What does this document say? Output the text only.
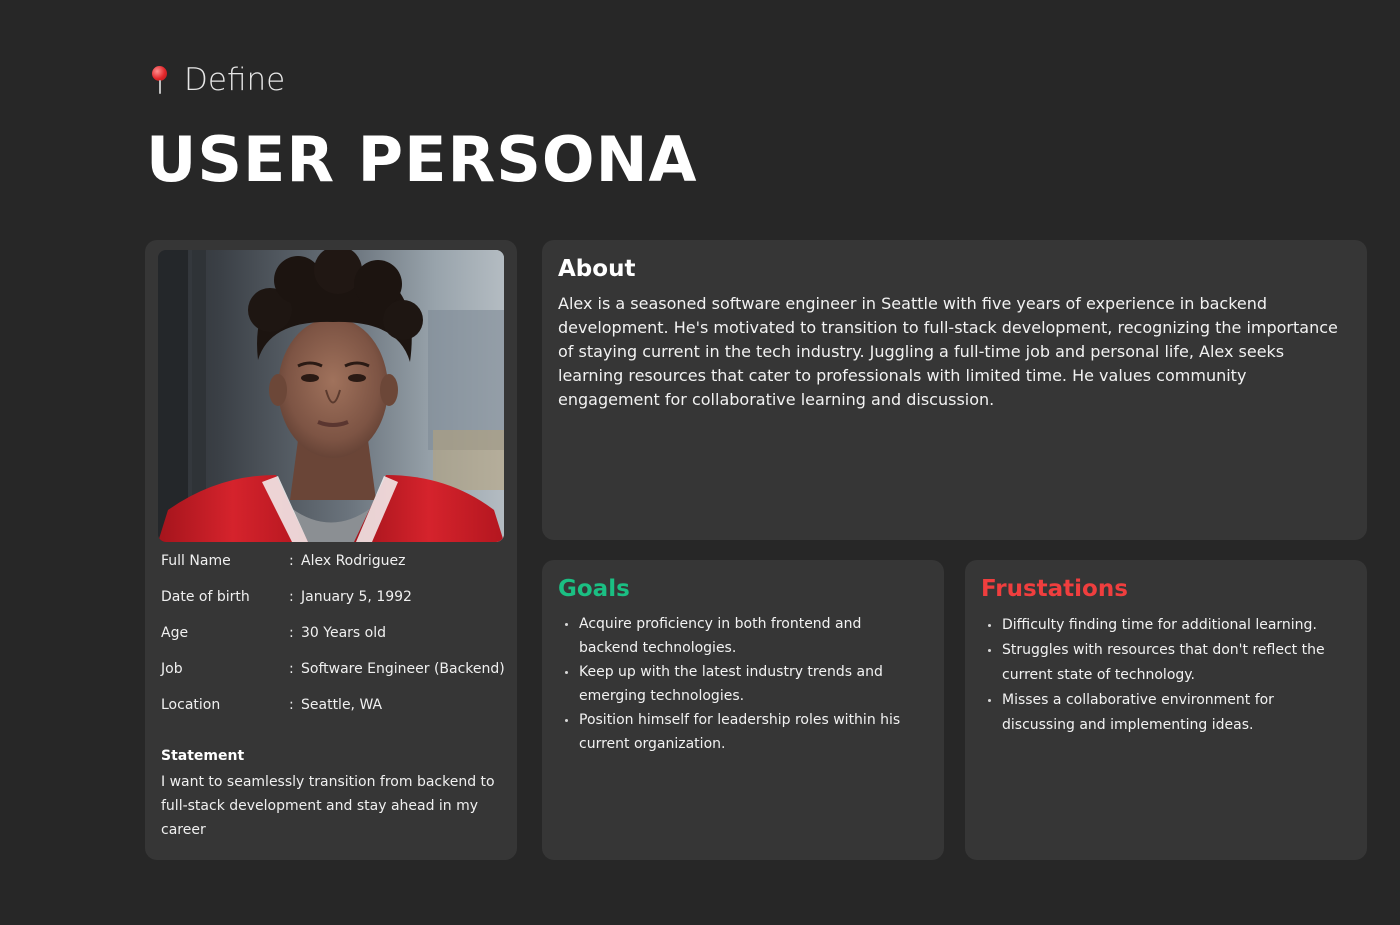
Define
USER PERSONA
Full Name	: Alex Rodriguez
Date of birth	: January 5, 1992
Age	: 30 Years old
Job	: Software Engineer (Backend)
Location	: Seattle, WA
Statement
I want to seamlessly transition from backend to full-stack development and stay ahead in my career
About

Alex is a seasoned software engineer in Seattle with five years of experience in backend development. He's motivated to transition to full-stack development, recognizing the importance of staying current in the tech industry. Juggling a full-time job and personal life, Alex seeks learning resources that cater to professionals with limited time. He values community engagement for collaborative learning and discussion.

Goals
Acquire proficiency in both frontend and backend technologies.
Keep up with the latest industry trends and emerging technologies.
Position himself for leadership roles within his current organization.
Frustations
Difficulty finding time for additional learning.
Struggles with resources that don't reflect the current state of technology.
Misses a collaborative environment for discussing and implementing ideas.
